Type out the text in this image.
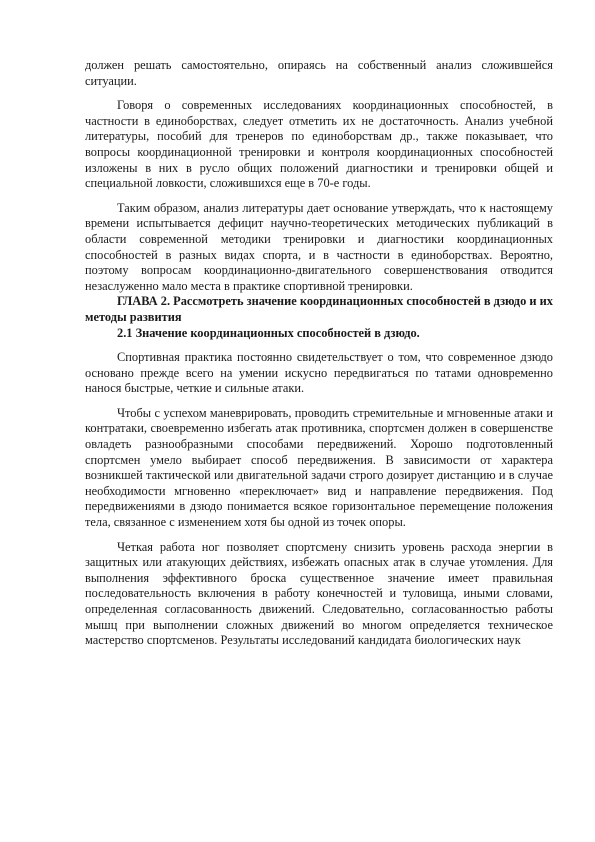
должен решать самостоятельно, опираясь на собственный анализ сложившейся ситуации.

Говоря о современных исследованиях координационных способностей, в частности в единоборствах, следует отметить их не достаточность. Анализ учебной литературы, пособий для тренеров по единоборствам др., также показывает, что вопросы координационной тренировки и контроля координационных способностей изложены в них в русло общих положений диагностики и тренировки общей и специальной ловкости, сложившихся еще в 70-е годы.

Таким образом, анализ литературы дает основание утверждать, что к настоящему времени испытывается дефицит научно-теоретических методических публикаций в области современной методики тренировки и диагностики координационных способностей в разных видах спорта, и в частности в единоборствах. Вероятно, поэтому вопросам координационно-двигательного совершенствования отводится незаслуженно мало места в практике спортивной тренировки.

ГЛАВА 2. Рассмотреть значение координационных способностей в дзюдо и их методы развития

2.1 Значение координационных способностей в дзюдо.

Спортивная практика постоянно свидетельствует о том, что современное дзюдо основано прежде всего на умении искусно передвигаться по татами одновременно нанося быстрые, четкие и сильные атаки.

Чтобы с успехом маневрировать, проводить стремительные и мгновенные атаки и контратаки, своевременно избегать атак противника, спортсмен должен в совершенстве овладеть разнообразными способами передвижений. Хорошо подготовленный спортсмен умело выбирает способ передвижения. В зависимости от характера возникшей тактической или двигательной задачи строго дозирует дистанцию и в случае необходимости мгновенно «переключает» вид и направление передвижения. Под передвижениями в дзюдо понимается всякое горизонтальное перемещение положения тела, связанное с изменением хотя бы одной из точек опоры.

Четкая работа ног позволяет спортсмену снизить уровень расхода энергии в защитных или атакующих действиях, избежать опасных атак в случае утомления. Для выполнения эффективного броска существенное значение имеет правильная последовательность включения в работу конечностей и туловища, иными словами, определенная согласованность движений. Следовательно, согласованностью работы мышц при выполнении сложных движений во многом определяется техническое мастерство спортсменов. Результаты исследований кандидата биологических наук
